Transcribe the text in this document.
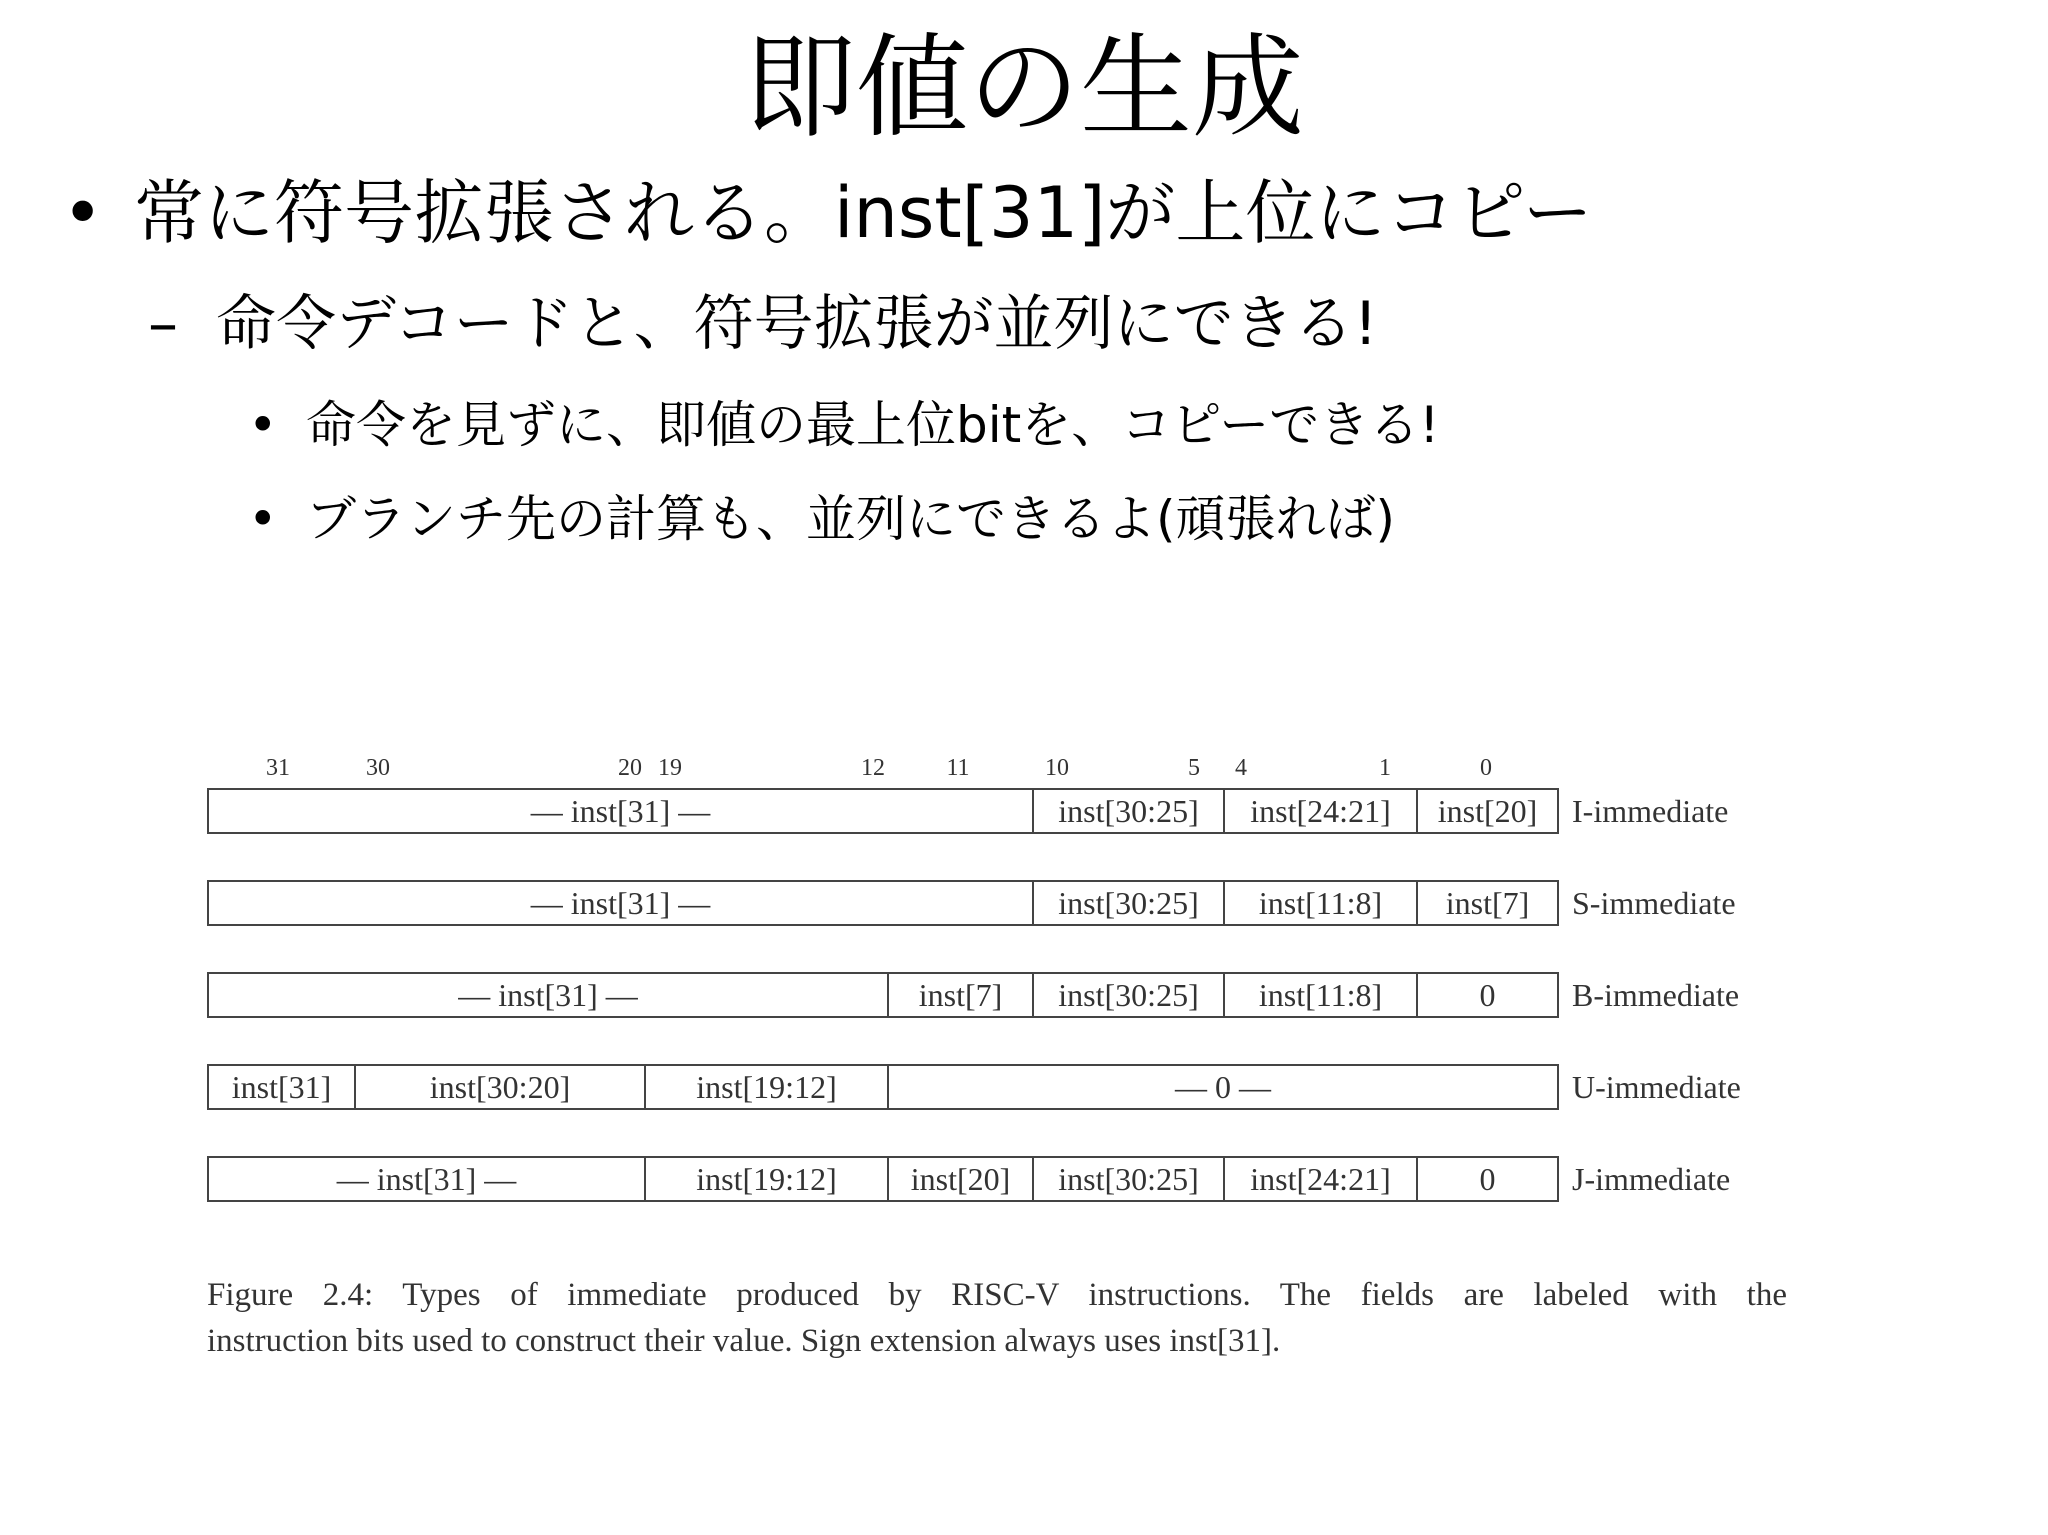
即値の生成
• 常に符号拡張される。inst[31]が上位にコピー
– 命令デコードと、符号拡張が並列にできる!
• 命令を見ずに、即値の最上位bitを、コピーできる!
• ブランチ先の計算も、並列にできるよ(頑張れば)
31	30	20 19	12	11	10	5 4	1	0
— inst[31] —	inst[30:25]	inst[24:21]	inst[20]	I-immediate
— inst[31] —	inst[30:25]	inst[11:8]	inst[7]	S-immediate
— inst[31] —	inst[7]	inst[30:25]	inst[11:8]	0	B-immediate
inst[31]	inst[30:20]	inst[19:12]	— 0 —	U-immediate
— inst[31] —	inst[19:12]	inst[20]	inst[30:25]	inst[24:21]	0	J-immediate
Figure 2.4: Types of immediate produced by RISC-V instructions. The fields are labeled with the
instruction bits used to construct their value. Sign extension always uses inst[31].
